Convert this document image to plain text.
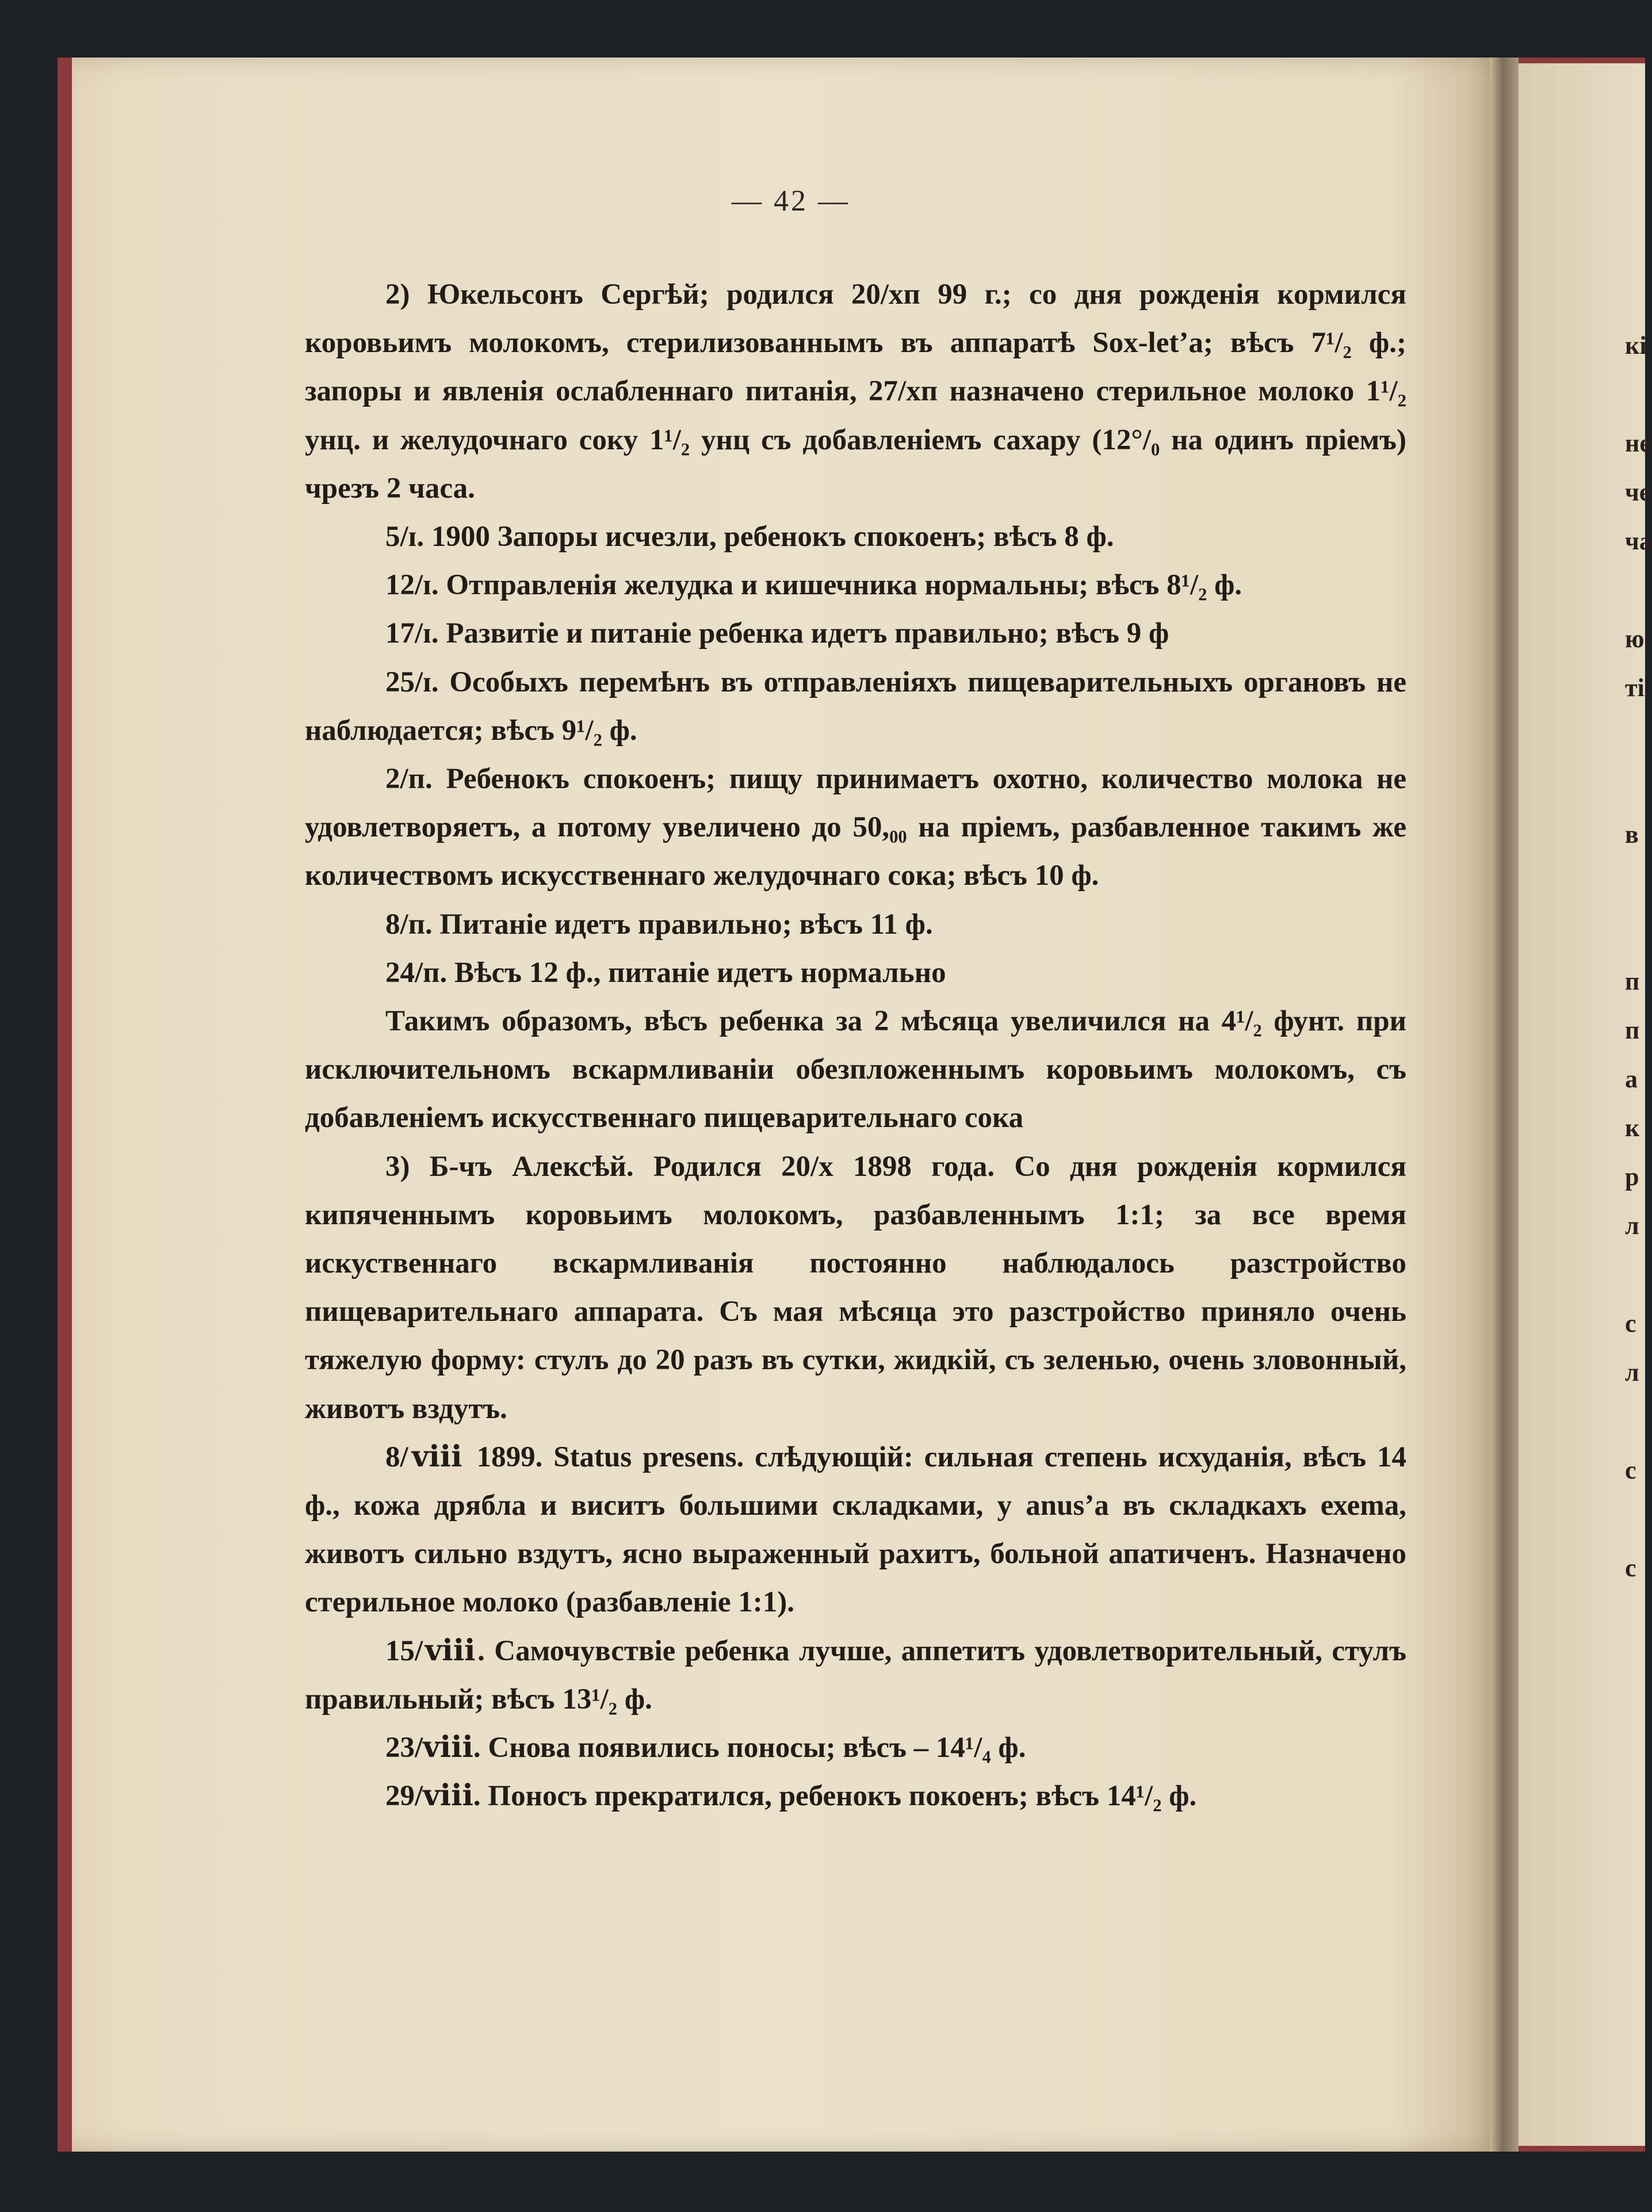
кі
не
че
ча
ю
ті
в
п
п
а
к
р
л
с
л
с
с
— 42 —

2) Юкельсонъ Сергѣй; родился 20/хп 99 г.; со дня рожденія кормился коровьимъ молокомъ, стерилизованнымъ въ аппаратѣ Sox-let’a; вѣсъ 7¹/₂ ф.; запоры и явленія ослабленнаго питанія, 27/хп назначено стерильное молоко 1¹/₂ унц. и желудочнаго соку 1¹/₂ унц съ добавленіемъ сахару (12°/₀ на одинъ пріемъ) чрезъ 2 часа.

5/ɪ. 1900 Запоры исчезли, ребенокъ спокоенъ; вѣсъ 8 ф.

12/ɪ. Отправленія желудка и кишечника нормальны; вѣсъ 8¹/₂ ф.

17/ɪ. Развитіе и питаніе ребенка идетъ правильно; вѣсъ 9 ф

25/ɪ. Особыхъ перемѣнъ въ отправленіяхъ пищеварительныхъ органовъ не наблюдается; вѣсъ 9¹/₂ ф.

2/п. Ребенокъ спокоенъ; пищу принимаетъ охотно, количество молока не удовлетворяетъ, а потому увеличено до 50,₀₀ на пріемъ, разбавленное такимъ же количествомъ искусственнаго желудочнаго сока; вѣсъ 10 ф.

8/п. Питаніе идетъ правильно; вѣсъ 11 ф.

24/п. Вѣсъ 12 ф., питаніе идетъ нормально

Такимъ образомъ, вѣсъ ребенка за 2 мѣсяца увеличился на 4¹/₂ фунт. при исключительномъ вскармливаніи обезпложеннымъ коровьимъ молокомъ, съ добавленіемъ искусственнаго пищеварительнаго сока

3) Б-чъ Алексѣй. Родился 20/х 1898 года. Со дня рожденія кормился кипяченнымъ коровьимъ молокомъ, разбавленнымъ 1:1; за все время искуственнаго вскармливанія постоянно наблюдалось разстройство пищеварительнаго аппарата. Съ мая мѣсяца это разстройство приняло очень тяжелую форму: стулъ до 20 разъ въ сутки, жидкій, съ зеленью, очень зловонный, животъ вздутъ.

8/ⅷ 1899. Status presens. слѣдующій: сильная степень исхуданія, вѣсъ 14 ф., кожа дрябла и виситъ большими складками, у anus’a въ складкахъ ехеma, животъ сильно вздутъ, ясно выраженный рахитъ, больной апатиченъ. Назначено стерильное молоко (разбавленіе 1:1).

15/ⅷ. Самочувствіе ребенка лучше, аппетитъ удовлетворительный, стулъ правильный; вѣсъ 13¹/₂ ф.

23/ⅷ. Снова появились поносы; вѣсъ – 14¹/₄ ф.

29/ⅷ. Поносъ прекратился, ребенокъ покоенъ; вѣсъ 14¹/₂ ф.
